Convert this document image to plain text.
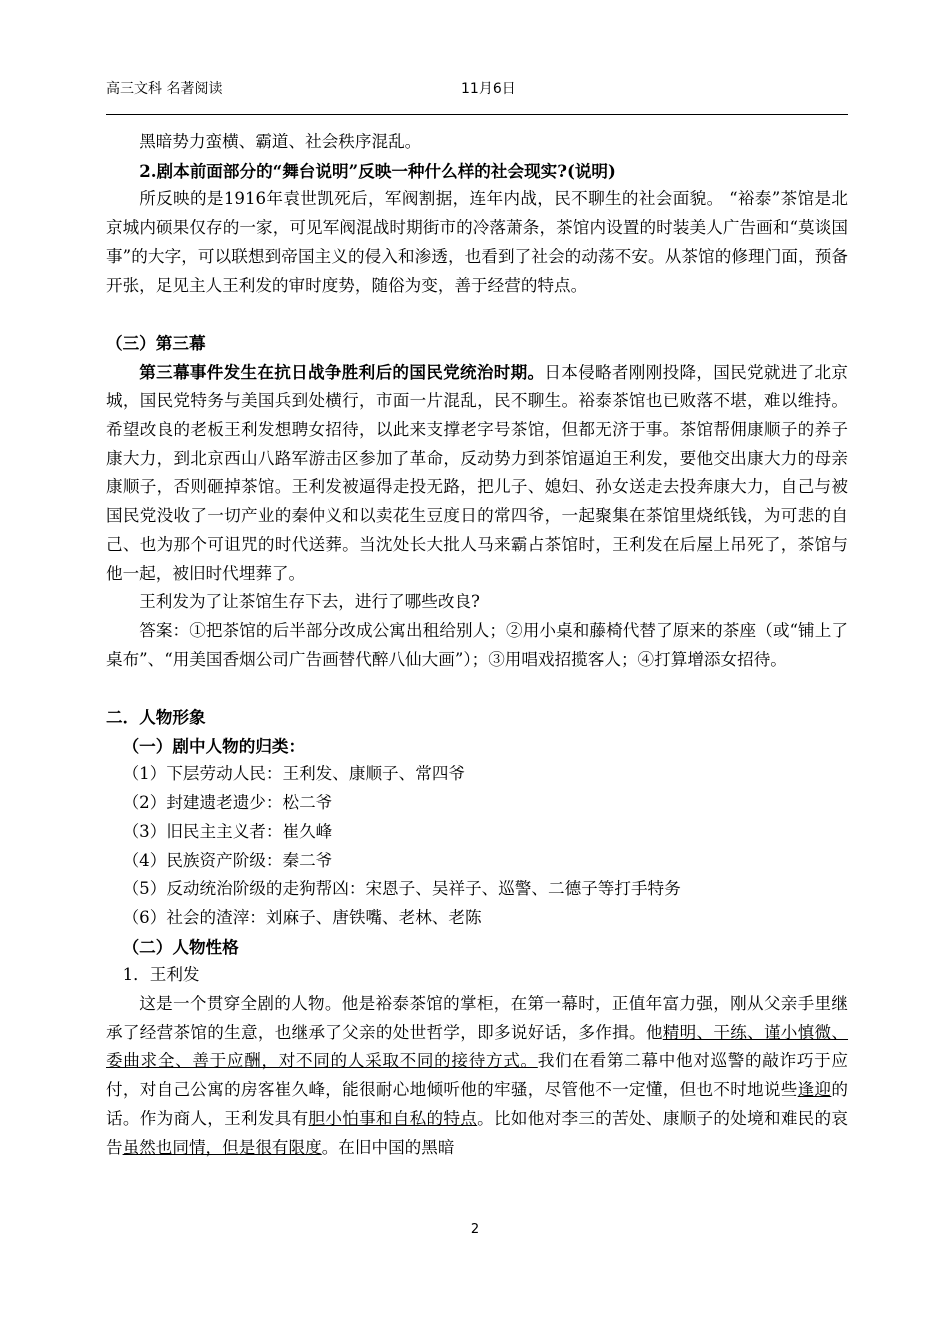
高三文科 名著阅读	11月6日

黑暗势力蛮横、霸道、社会秩序混乱。

2.剧本前面部分的“舞台说明”反映一种什么样的社会现实?(说明)

所反映的是1916年袁世凯死后，军阀割据，连年内战，民不聊生的社会面貌。 “裕泰”茶馆是北京城内硕果仅存的一家，可见军阀混战时期街市的冷落萧条，茶馆内设置的时装美人广告画和“莫谈国事”的大字，可以联想到帝国主义的侵入和渗透，也看到了社会的动荡不安。从茶馆的修理门面，预备开张，足见主人王利发的审时度势，随俗为变，善于经营的特点。

（三）第三幕

第三幕事件发生在抗日战争胜利后的国民党统治时期。日本侵略者刚刚投降，国民党就进了北京城，国民党特务与美国兵到处横行，市面一片混乱，民不聊生。裕泰茶馆也已败落不堪，难以维持。希望改良的老板王利发想聘女招待，以此来支撑老字号茶馆，但都无济于事。茶馆帮佣康顺子的养子康大力，到北京西山八路军游击区参加了革命，反动势力到茶馆逼迫王利发，要他交出康大力的母亲康顺子，否则砸掉茶馆。王利发被逼得走投无路，把儿子、媳妇、孙女送走去投奔康大力，自己与被国民党没收了一切产业的秦仲义和以卖花生豆度日的常四爷，一起聚集在茶馆里烧纸钱，为可悲的自己、也为那个可诅咒的时代送葬。当沈处长大批人马来霸占茶馆时，王利发在后屋上吊死了，茶馆与他一起，被旧时代埋葬了。

王利发为了让茶馆生存下去，进行了哪些改良?

答案：①把茶馆的后半部分改成公寓出租给别人；②用小桌和藤椅代替了原来的茶座（或“铺上了桌布”、“用美国香烟公司广告画替代醉八仙大画”）；③用唱戏招揽客人；④打算增添女招待。

二．人物形象

（一）剧中人物的归类：

（1）下层劳动人民：王利发、康顺子、常四爷

（2）封建遗老遗少：松二爷

（3）旧民主主义者：崔久峰

（4）民族资产阶级：秦二爷

（5）反动统治阶级的走狗帮凶：宋恩子、吴祥子、巡警、二德子等打手特务

（6）社会的渣滓：刘麻子、唐铁嘴、老林、老陈

（二）人物性格

1．王利发

这是一个贯穿全剧的人物。他是裕泰茶馆的掌柜，在第一幕时，正值年富力强，刚从父亲手里继承了经营茶馆的生意，也继承了父亲的处世哲学，即多说好话，多作揖。他精明、干练、谨小慎微、委曲求全、善于应酬，对不同的人采取不同的接待方式。我们在看第二幕中他对巡警的敲诈巧于应付，对自己公寓的房客崔久峰，能很耐心地倾听他的牢骚，尽管他不一定懂，但也不时地说些逢迎的话。作为商人，王利发具有胆小怕事和自私的特点。比如他对李三的苦处、康顺子的处境和难民的哀告虽然也同情，但是很有限度。在旧中国的黑暗

2
